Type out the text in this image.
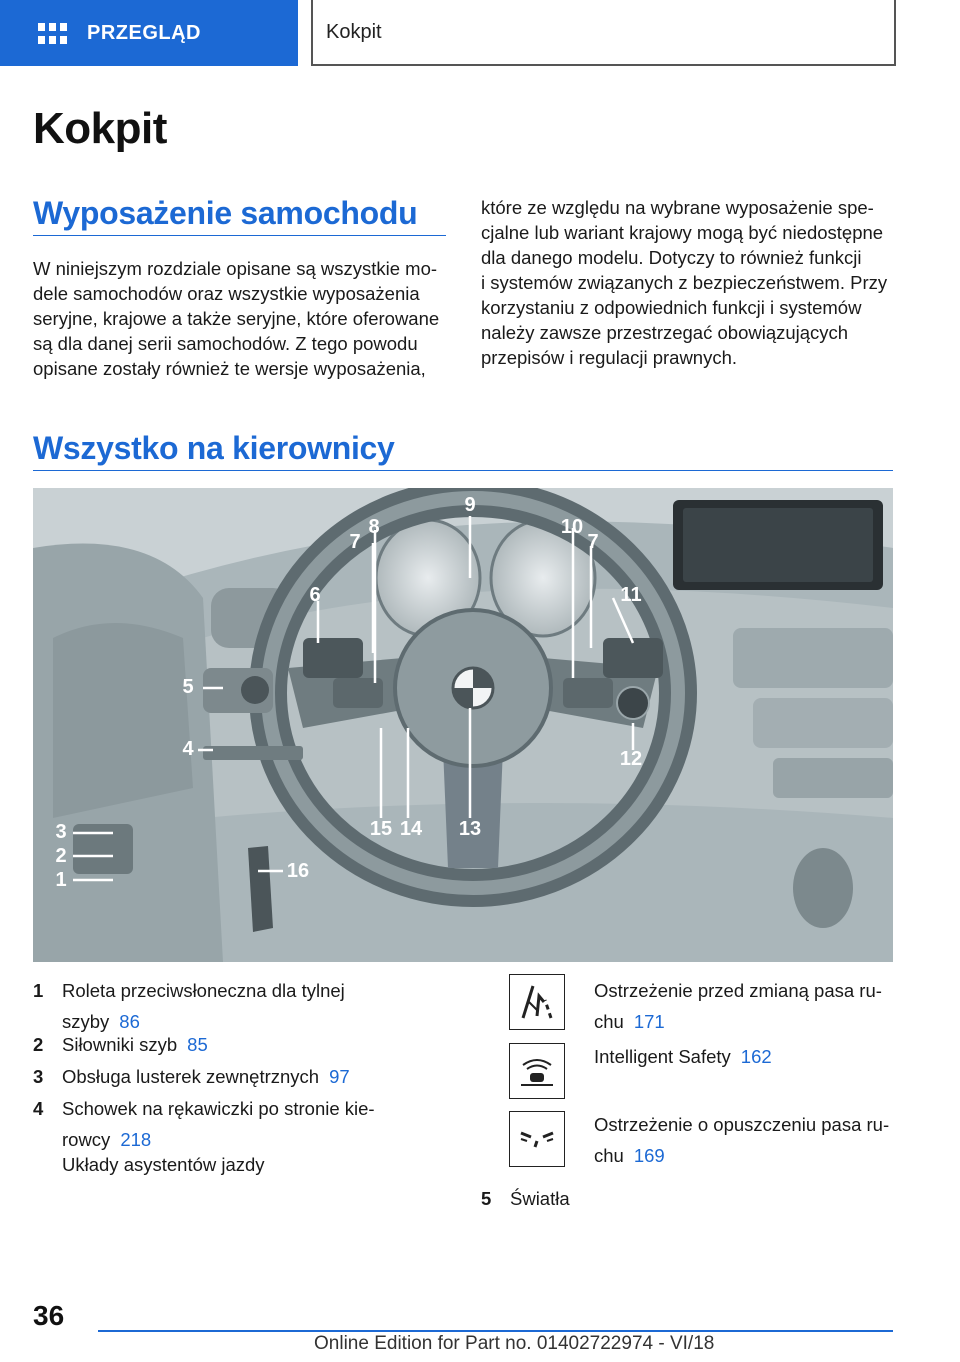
PRZEGLĄD	Kokpit
Kokpit
Wyposażenie samochodu
W niniejszym rozdziale opisane są wszystkie mo-
dele samochodów oraz wszystkie wyposażenia
seryjne, krajowe a także seryjne, które oferowane
są dla danej serii samochodów. Z tego powodu
opisane zostały również te wersje wyposażenia,
które ze względu na wybrane wyposażenie spe-
cjalne lub wariant krajowy mogą być niedostępne
dla danego modelu. Dotyczy to również funkcji
i systemów związanych z bezpieczeństwem. Przy
korzystaniu z odpowiednich funkcji i systemów
należy zawsze przestrzegać obowiązujących
przepisów i regulacji prawnych.
Wszystko na kierownicy
9
8
7
10
7
6	11
5
4	12
15 14 13
3
2
1	16
1	Roleta przeciwsłoneczna dla tylnej
szyby 86
2	Siłowniki szyb 85
3	Obsługa lusterek zewnętrznych 97
4	Schowek na rękawiczki po stronie kie-
rowcy 218
Układy asystentów jazdy
Ostrzeżenie przed zmianą pasa ru-
chu 171
Intelligent Safety 162
Ostrzeżenie o opuszczeniu pasa ru-
chu 169
5	Światła
36
Online Edition for Part no. 01402722974 - VI/18
